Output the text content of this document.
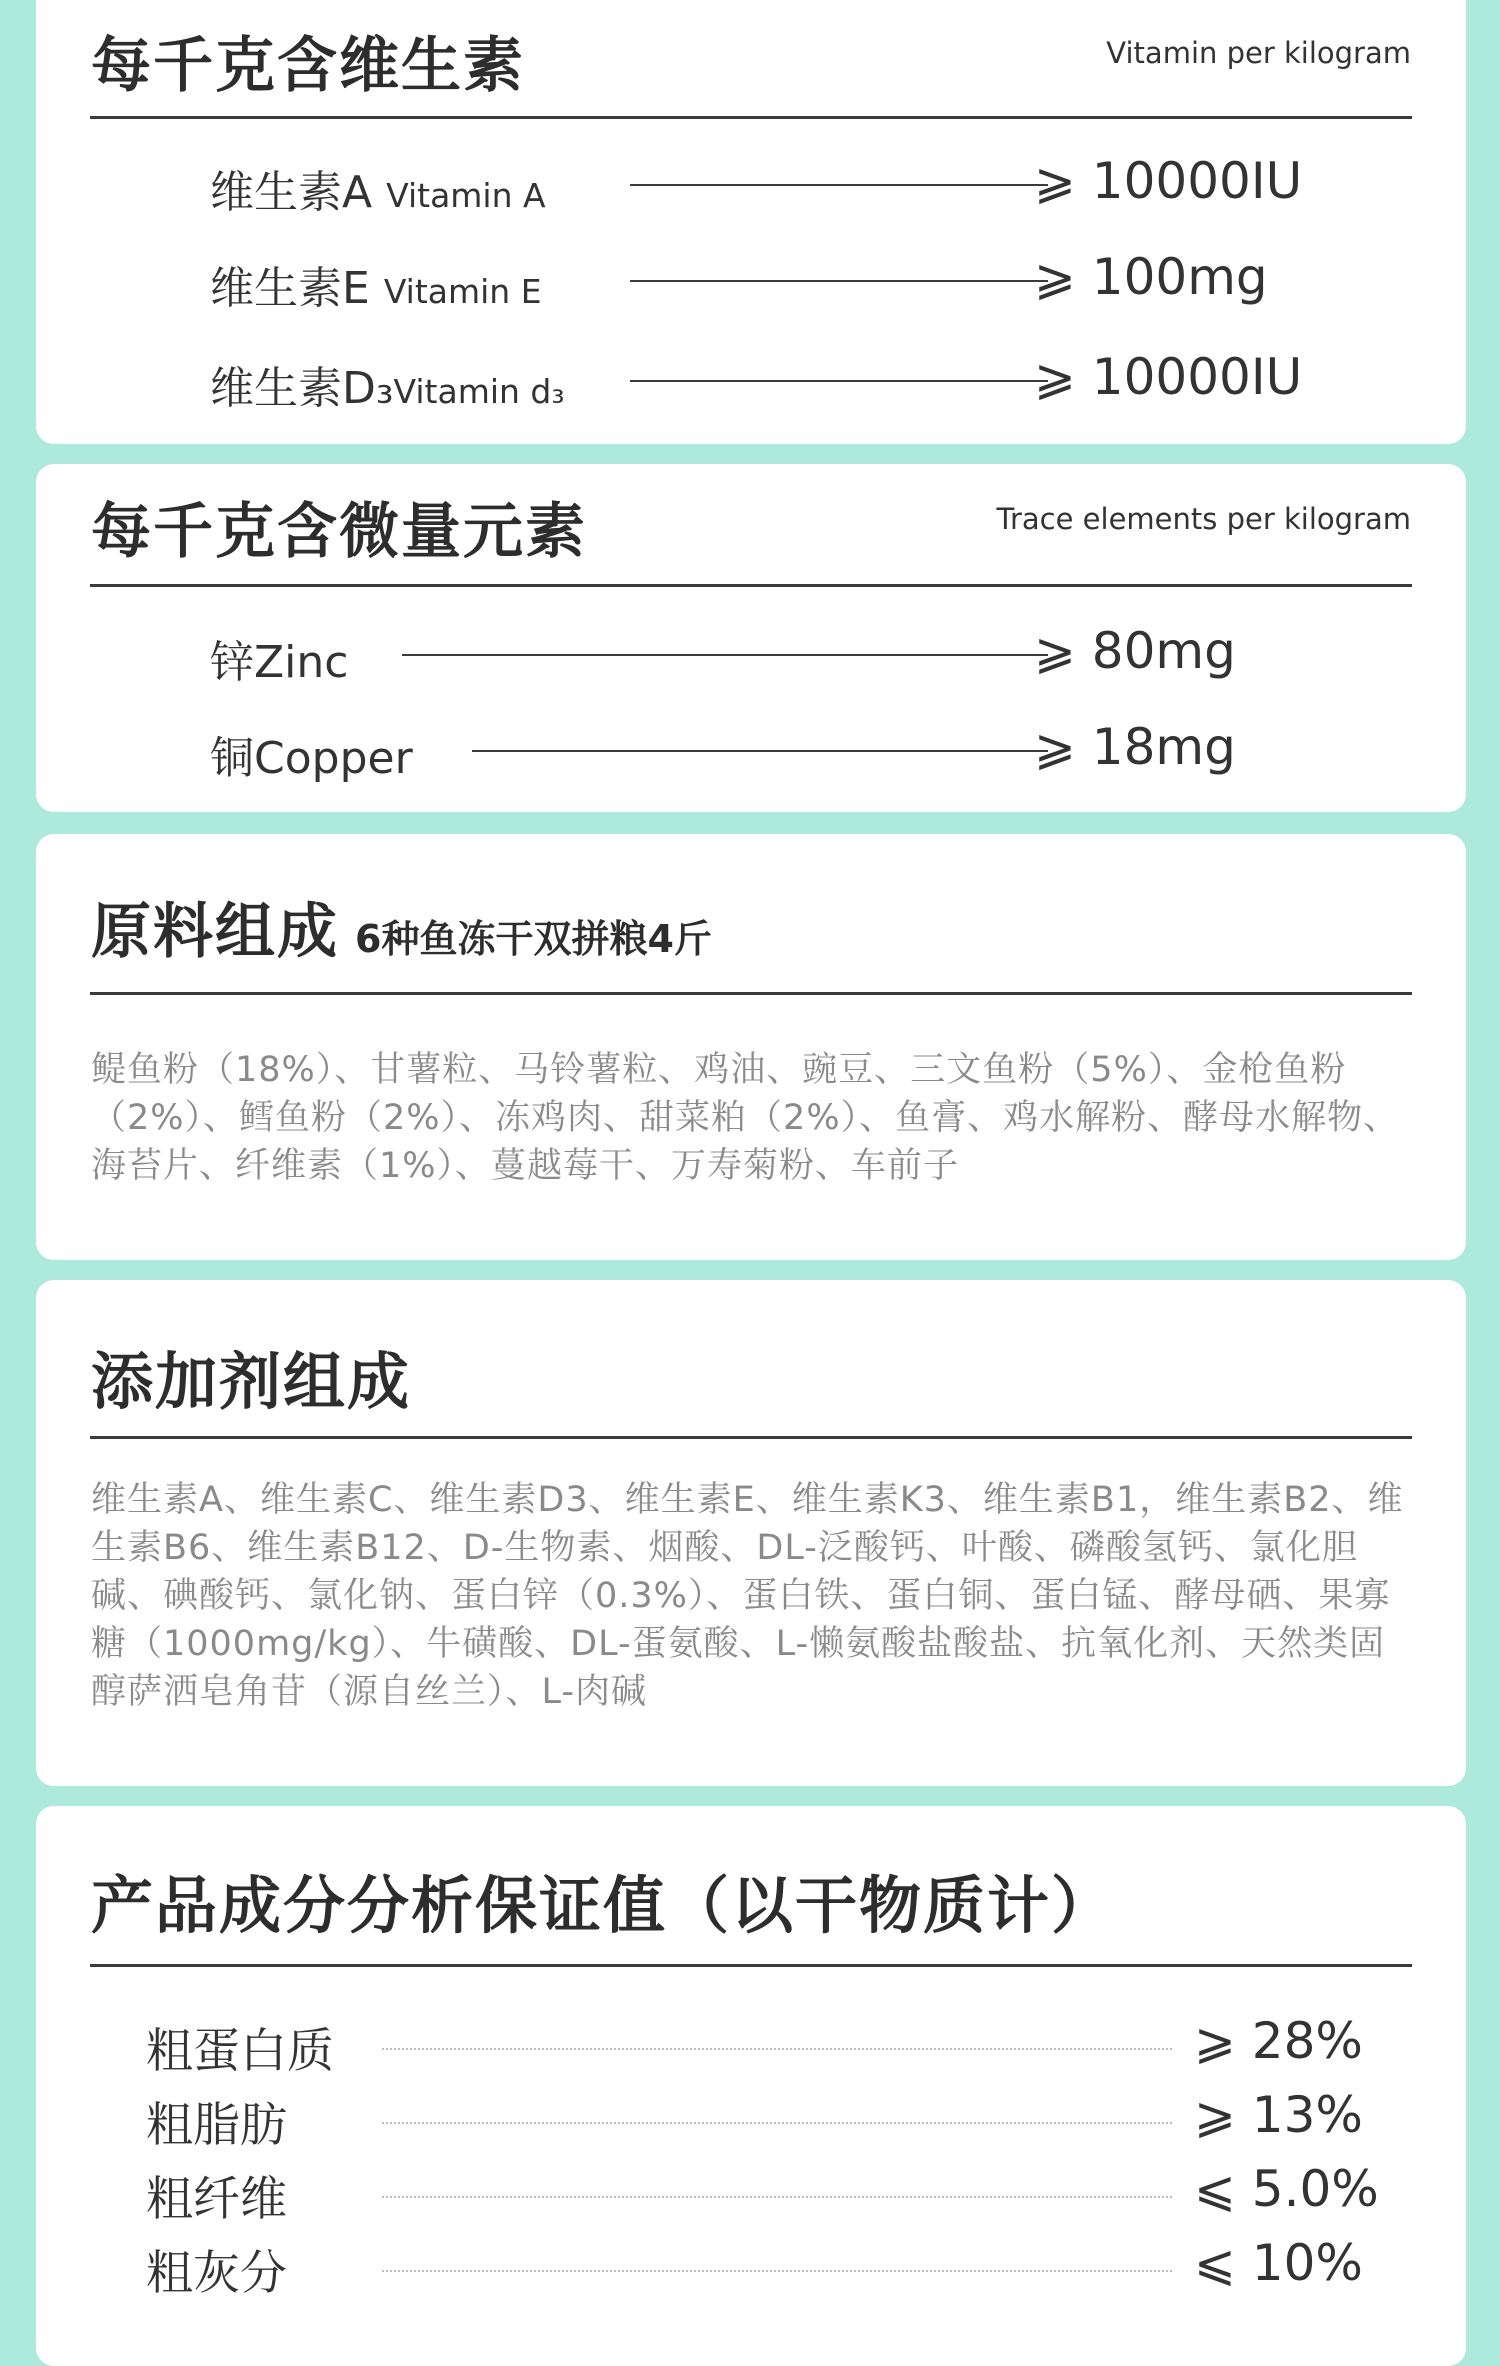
每千克含维生素	Vitamin per kilogram
维生素A Vitamin A	⩾ 10000IU
维生素E Vitamin E	⩾ 100mg
维生素D₃Vitamin d₃	⩾ 10000IU
每千克含微量元素	Trace elements per kilogram
锌Zinc	⩾ 80mg
铜Copper	⩾ 18mg
原料组成 6种鱼冻干双拼粮4斤
鳀鱼粉（18%）、甘薯粒、马铃薯粒、鸡油、豌豆、三文鱼粉（5%）、金枪鱼粉（2%）、鳕鱼粉（2%）、冻鸡肉、甜菜粕（2%）、鱼膏、鸡水解粉、酵母水解物、海苔片、纤维素（1%）、蔓越莓干、万寿菊粉、车前子
添加剂组成
维生素A、维生素C、维生素D3、维生素E、维生素K3、维生素B1，维生素B2、维生素B6、维生素B12、D-生物素、烟酸、DL-泛酸钙、叶酸、磷酸氢钙、氯化胆碱、碘酸钙、氯化钠、蛋白锌（0.3%）、蛋白铁、蛋白铜、蛋白锰、酵母硒、果寡糖（1000mg/kg）、牛磺酸、DL-蛋氨酸、L-懒氨酸盐酸盐、抗氧化剂、天然类固醇萨洒皂角苷（源自丝兰）、L-肉碱
产品成分分析保证值（以干物质计）
粗蛋白质	⩾ 28%
粗脂肪	⩾ 13%
粗纤维	⩽ 5.0%
粗灰分	⩽ 10%
